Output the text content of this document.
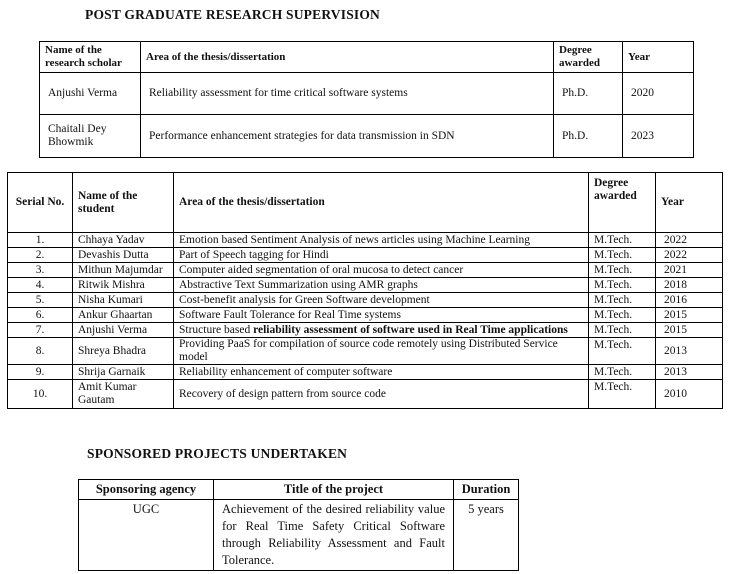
POST GRADUATE RESEARCH SUPERVISION
Name of the research scholar	Area of the thesis/dissertation	Degree awarded	Year
Anjushi Verma	Reliability assessment for time critical software systems	Ph.D.	2020
Chaitali Dey Bhowmik	Performance enhancement strategies for data transmission in SDN	Ph.D.	2023
Serial No.	Name of the student	Area of the thesis/dissertation	Degree awarded	Year
1.	Chhaya Yadav	Emotion based Sentiment Analysis of news articles using Machine Learning	M.Tech.	2022
2.	Devashis Dutta	Part of Speech tagging for Hindi	M.Tech.	2022
3.	Mithun Majumdar	Computer aided segmentation of oral mucosa to detect cancer	M.Tech.	2021
4.	Ritwik Mishra	Abstractive Text Summarization using AMR graphs	M.Tech.	2018
5.	Nisha Kumari	Cost-benefit analysis for Green Software development	M.Tech.	2016
6.	Ankur Ghaartan	Software Fault Tolerance for Real Time systems	M.Tech.	2015
7.	Anjushi Verma	Structure based reliability assessment of software used in Real Time applications	M.Tech.	2015
8.	Shreya Bhadra	Providing PaaS for compilation of source code remotely using Distributed Service model	M.Tech.	2013
9.	Shrija Garnaik	Reliability enhancement of computer software	M.Tech.	2013
10.	Amit Kumar Gautam	Recovery of design pattern from source code	M.Tech.	2010
SPONSORED PROJECTS UNDERTAKEN
Sponsoring agency	Title of the project	Duration
UGC	Achievement of the desired reliability value for Real Time Safety Critical Software through Reliability Assessment and Fault Tolerance.	5 years
